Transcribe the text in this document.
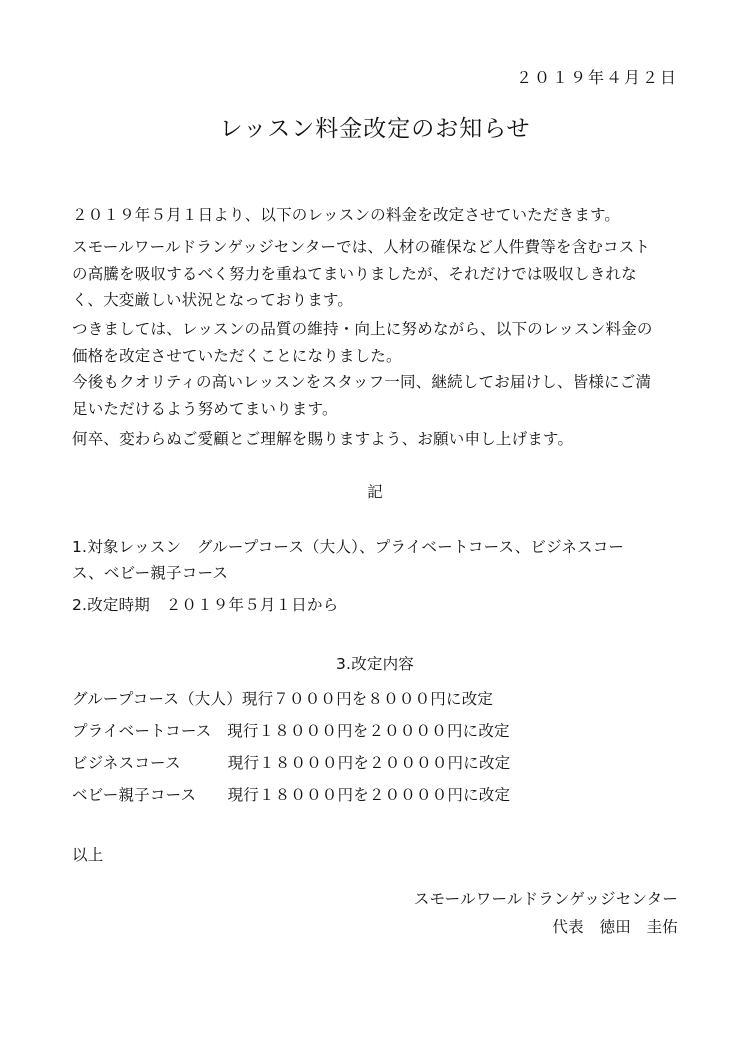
２０１９年４月２日
レッスン料金改定のお知らせ
２０１９年５月１日より、以下のレッスンの料金を改定させていただきます。
スモールワールドランゲッジセンターでは、人材の確保など人件費等を含むコスト
の高騰を吸収するべく努力を重ねてまいりましたが、それだけでは吸収しきれな
く、大変厳しい状況となっております。
つきましては、レッスンの品質の維持・向上に努めながら、以下のレッスン料金の
価格を改定させていただくことになりました。
今後もクオリティの高いレッスンをスタッフ一同、継続してお届けし、皆様にご満
足いただけるよう努めてまいります。
何卒、変わらぬご愛顧とご理解を賜りますよう、お願い申し上げます。
記
1.対象レッスン　グループコース（大人）、プライベートコース、ビジネスコー
ス、ベビー親子コース
2.改定時期　２０１９年５月１日から
3.改定内容
グループコース（大人）現行７０００円を８０００円に改定
プライベートコース　現行１８０００円を２００００円に改定
ビジネスコース　　　現行１８０００円を２００００円に改定
ベビー親子コース　　現行１８０００円を２００００円に改定
以上
スモールワールドランゲッジセンター
代表　徳田　圭佑
